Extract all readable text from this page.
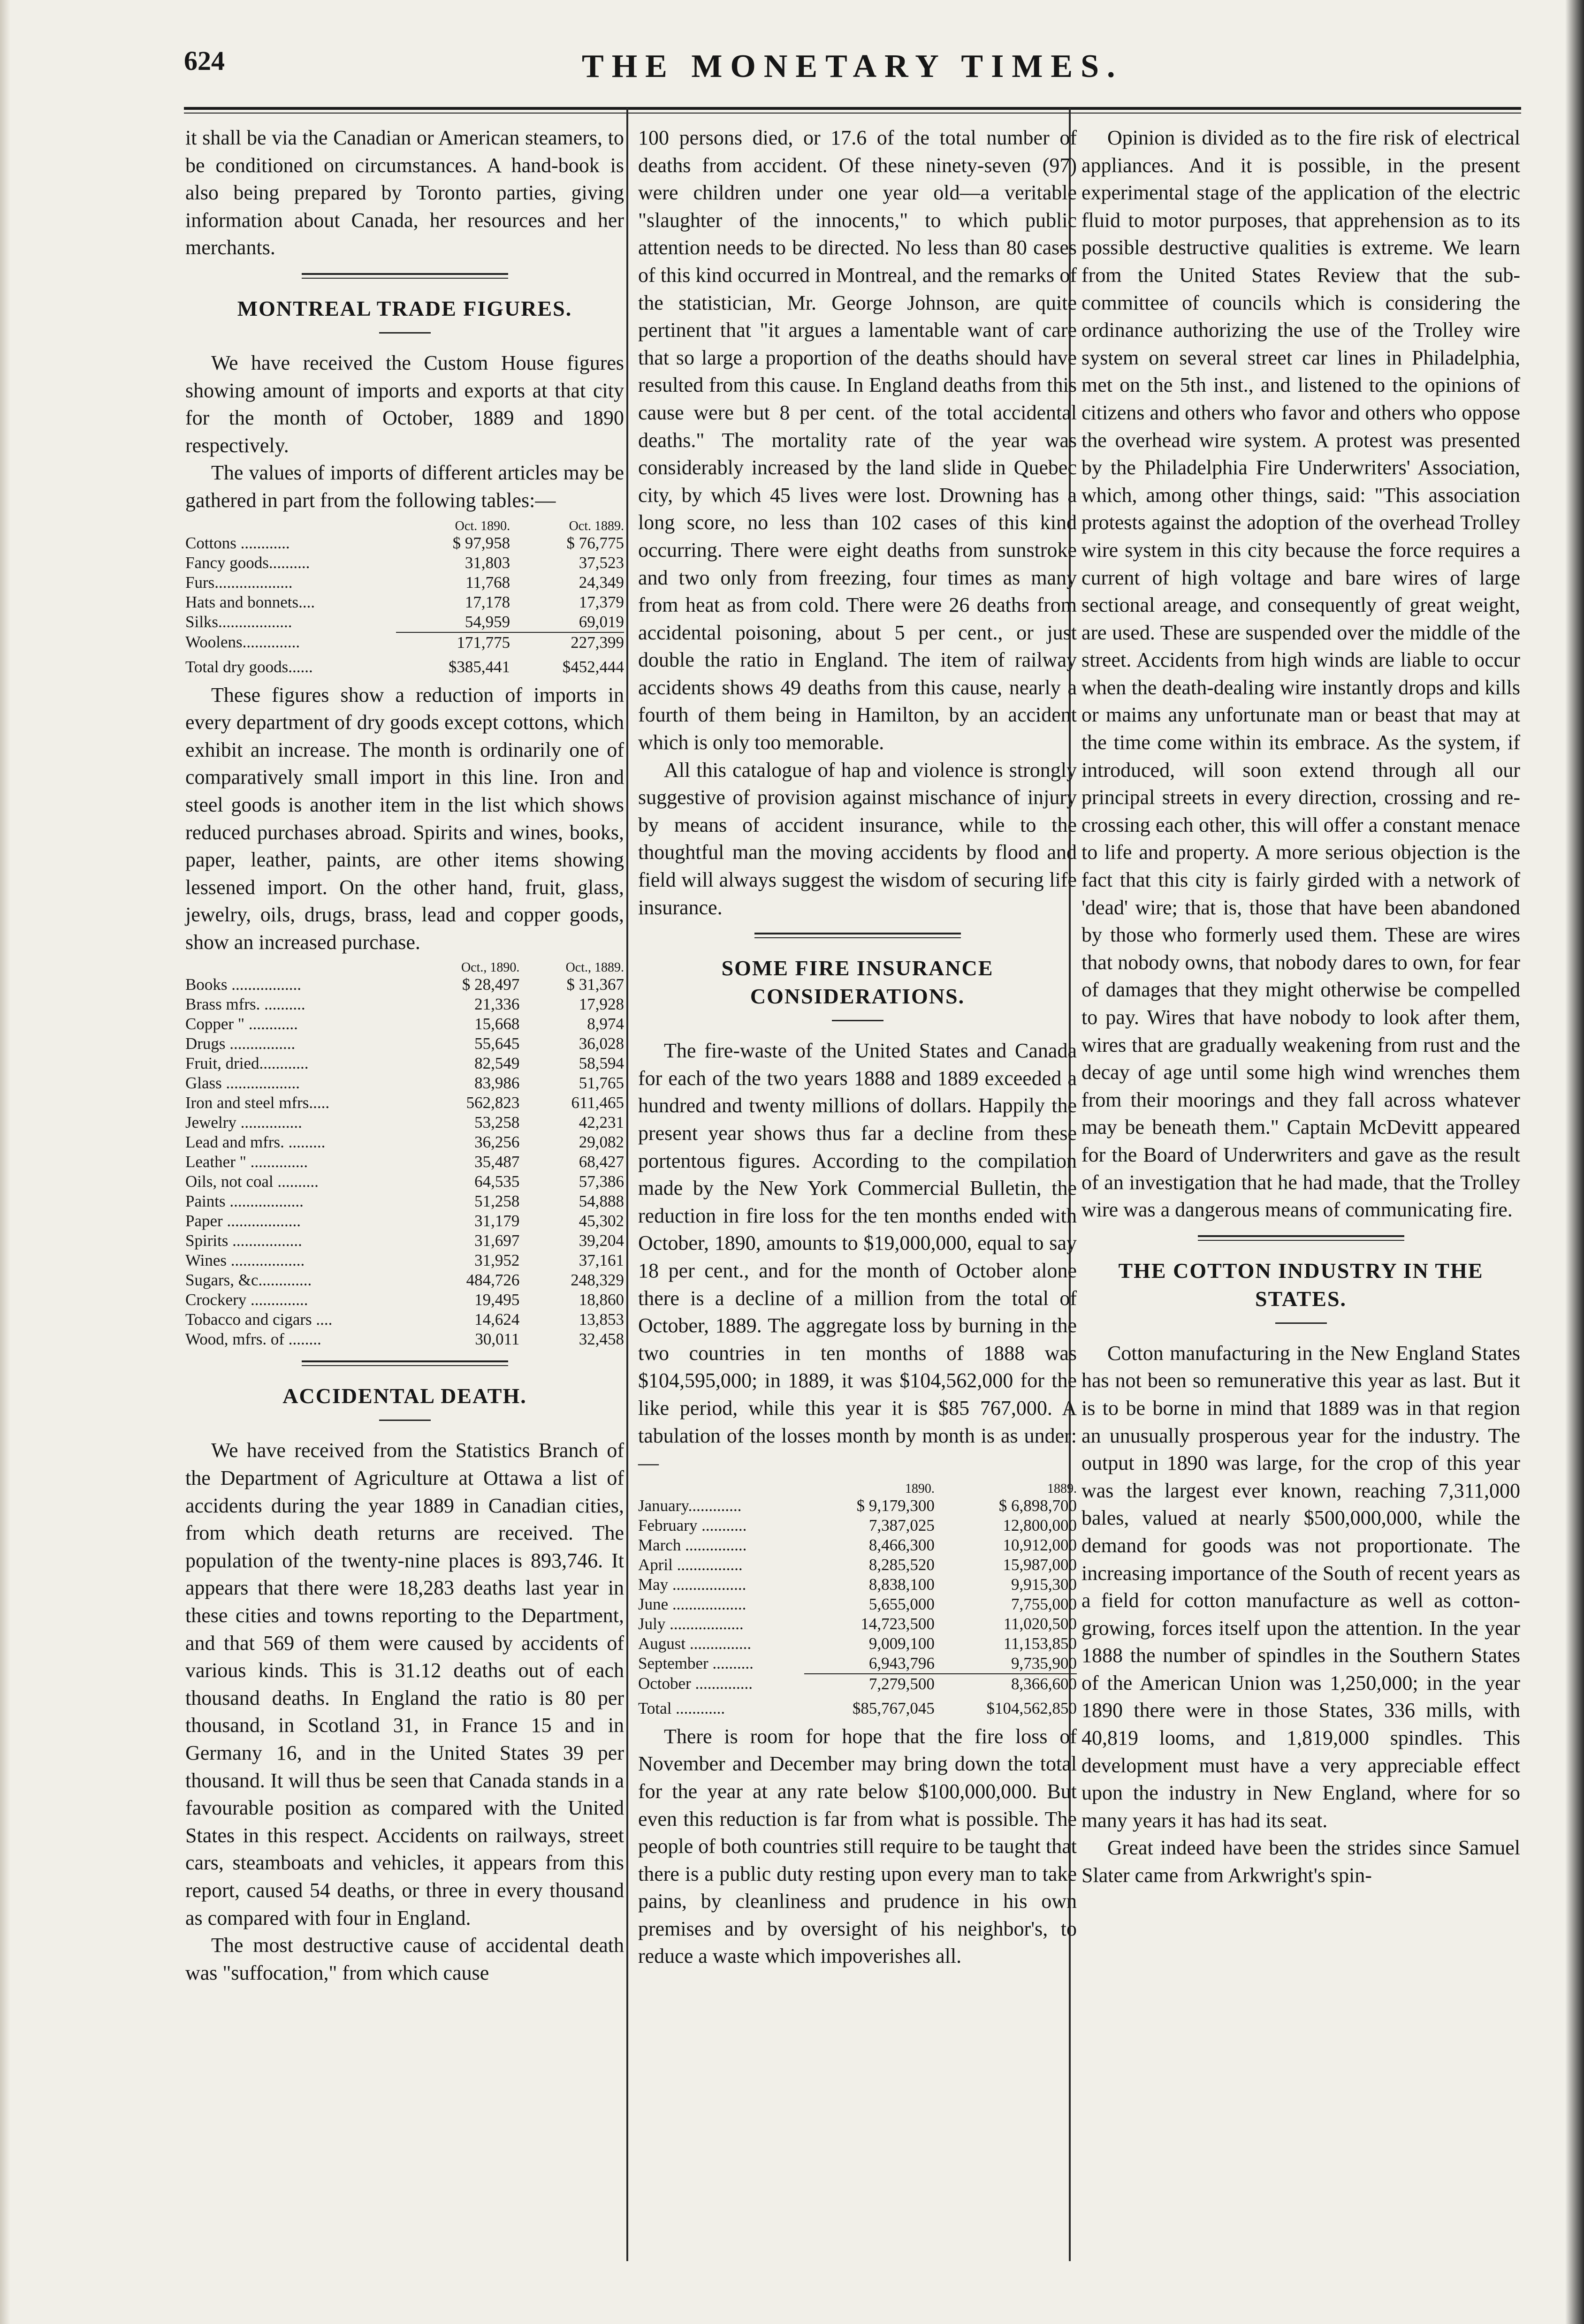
624	THE MONETARY TIMES.

it shall be via the Canadian or American steamers, to be conditioned on circumstances. A hand-book is also being prepared by Toronto parties, giving information about Canada, her resources and her merchants.

MONTREAL TRADE FIGURES.

We have received the Custom House figures showing amount of imports and exports at that city for the month of October, 1889 and 1890 respectively.

The values of imports of different articles may be gathered in part from the following tables:—

	Oct. 1890.	Oct. 1889.
Cottons ............	$ 97,958	$ 76,775
Fancy goods..........	31,803	37,523
Furs...................	11,768	24,349
Hats and bonnets....	17,178	17,379
Silks..................	54,959	69,019
Woolens..............	171,775	227,399
Total dry goods......	$385,441	$452,444

These figures show a reduction of imports in every department of dry goods except cottons, which exhibit an increase. The month is ordinarily one of comparatively small import in this line. Iron and steel goods is another item in the list which shows reduced purchases abroad. Spirits and wines, books, paper, leather, paints, are other items showing lessened import. On the other hand, fruit, glass, jewelry, oils, drugs, brass, lead and copper goods, show an increased purchase.

	Oct., 1890.	Oct., 1889.
Books .................	$ 28,497	$ 31,367
Brass mfrs. ..........	21,336	17,928
Copper " ............	15,668	8,974
Drugs ................	55,645	36,028
Fruit, dried............	82,549	58,594
Glass ..................	83,986	51,765
Iron and steel mfrs.....	562,823	611,465
Jewelry ...............	53,258	42,231
Lead and mfrs. .........	36,256	29,082
Leather " ..............	35,487	68,427
Oils, not coal ..........	64,535	57,386
Paints ..................	51,258	54,888
Paper ..................	31,179	45,302
Spirits .................	31,697	39,204
Wines ..................	31,952	37,161
Sugars, &c.............	484,726	248,329
Crockery ..............	19,495	18,860
Tobacco and cigars ....	14,624	13,853
Wood, mfrs. of ........	30,011	32,458
ACCIDENTAL DEATH.

We have received from the Statistics Branch of the Department of Agriculture at Ottawa a list of accidents during the year 1889 in Canadian cities, from which death returns are received. The population of the twenty-nine places is 893,746. It appears that there were 18,283 deaths last year in these cities and towns reporting to the Department, and that 569 of them were caused by accidents of various kinds. This is 31.12 deaths out of each thousand deaths. In England the ratio is 80 per thousand, in Scotland 31, in France 15 and in Germany 16, and in the United States 39 per thousand. It will thus be seen that Canada stands in a favourable position as compared with the United States in this respect. Accidents on railways, street cars, steamboats and vehicles, it appears from this report, caused 54 deaths, or three in every thousand as compared with four in England.

The most destructive cause of accidental death was "suffocation," from which cause

100 persons died, or 17.6 of the total number of deaths from accident. Of these ninety-seven (97) were children under one year old—a veritable "slaughter of the innocents," to which public attention needs to be directed. No less than 80 cases of this kind occurred in Montreal, and the remarks of the statistician, Mr. George Johnson, are quite pertinent that "it argues a lamentable want of care that so large a proportion of the deaths should have resulted from this cause. In England deaths from this cause were but 8 per cent. of the total accidental deaths." The mortality rate of the year was considerably increased by the land slide in Quebec city, by which 45 lives were lost. Drowning has a long score, no less than 102 cases of this kind occurring. There were eight deaths from sunstroke and two only from freezing, four times as many from heat as from cold. There were 26 deaths from accidental poisoning, about 5 per cent., or just double the ratio in England. The item of railway accidents shows 49 deaths from this cause, nearly a fourth of them being in Hamilton, by an accident which is only too memorable.

All this catalogue of hap and violence is strongly suggestive of provision against mischance of injury by means of accident insurance, while to the thoughtful man the moving accidents by flood and field will always suggest the wisdom of securing life insurance.

SOME FIRE INSURANCE CONSIDERATIONS.

The fire-waste of the United States and Canada for each of the two years 1888 and 1889 exceeded a hundred and twenty millions of dollars. Happily the present year shows thus far a decline from these portentous figures. According to the compilation made by the New York Commercial Bulletin, the reduction in fire loss for the ten months ended with October, 1890, amounts to $19,000,000, equal to say 18 per cent., and for the month of October alone there is a decline of a million from the total of October, 1889. The aggregate loss by burning in the two countries in ten months of 1888 was $104,595,000; in 1889, it was $104,562,000 for the like period, while this year it is $85 767,000. A tabulation of the losses month by month is as under:—

	1890.	1889.
January.............	$ 9,179,300	$ 6,898,700
February ...........	7,387,025	12,800,000
March ...............	8,466,300	10,912,000
April ................	8,285,520	15,987,000
May ..................	8,838,100	9,915,300
June ..................	5,655,000	7,755,000
July ..................	14,723,500	11,020,500
August ...............	9,009,100	11,153,850
September ..........	6,943,796	9,735,900
October ..............	7,279,500	8,366,600
Total ............	$85,767,045	$104,562,850

There is room for hope that the fire loss of November and December may bring down the total for the year at any rate below $100,000,000. But even this reduction is far from what is possible. The people of both countries still require to be taught that there is a public duty resting upon every man to take pains, by cleanliness and prudence in his own premises and by oversight of his neighbor's, to reduce a waste which impoverishes all.

Opinion is divided as to the fire risk of electrical appliances. And it is possible, in the present experimental stage of the application of the electric fluid to motor purposes, that apprehension as to its possible destructive qualities is extreme. We learn from the United States Review that the sub-committee of councils which is considering the ordinance authorizing the use of the Trolley wire system on several street car lines in Philadelphia, met on the 5th inst., and listened to the opinions of citizens and others who favor and others who oppose the overhead wire system. A protest was presented by the Philadelphia Fire Underwriters' Association, which, among other things, said: "This association protests against the adoption of the overhead Trolley wire system in this city because the force requires a current of high voltage and bare wires of large sectional areage, and consequently of great weight, are used. These are suspended over the middle of the street. Accidents from high winds are liable to occur when the death-dealing wire instantly drops and kills or maims any unfortunate man or beast that may at the time come within its embrace. As the system, if introduced, will soon extend through all our principal streets in every direction, crossing and re-crossing each other, this will offer a constant menace to life and property. A more serious objection is the fact that this city is fairly girded with a network of 'dead' wire; that is, those that have been abandoned by those who formerly used them. These are wires that nobody owns, that nobody dares to own, for fear of damages that they might otherwise be compelled to pay. Wires that have nobody to look after them, wires that are gradually weakening from rust and the decay of age until some high wind wrenches them from their moorings and they fall across whatever may be beneath them." Captain McDevitt appeared for the Board of Underwriters and gave as the result of an investigation that he had made, that the Trolley wire was a dangerous means of communicating fire.

THE COTTON INDUSTRY IN THE STATES.

Cotton manufacturing in the New England States has not been so remunerative this year as last. But it is to be borne in mind that 1889 was in that region an unusually prosperous year for the industry. The output in 1890 was large, for the crop of this year was the largest ever known, reaching 7,311,000 bales, valued at nearly $500,000,000, while the demand for goods was not proportionate. The increasing importance of the South of recent years as a field for cotton manufacture as well as cotton-growing, forces itself upon the attention. In the year 1888 the number of spindles in the Southern States of the American Union was 1,250,000; in the year 1890 there were in those States, 336 mills, with 40,819 looms, and 1,819,000 spindles. This development must have a very appreciable effect upon the industry in New England, where for so many years it has had its seat.

Great indeed have been the strides since Samuel Slater came from Arkwright's spin-
